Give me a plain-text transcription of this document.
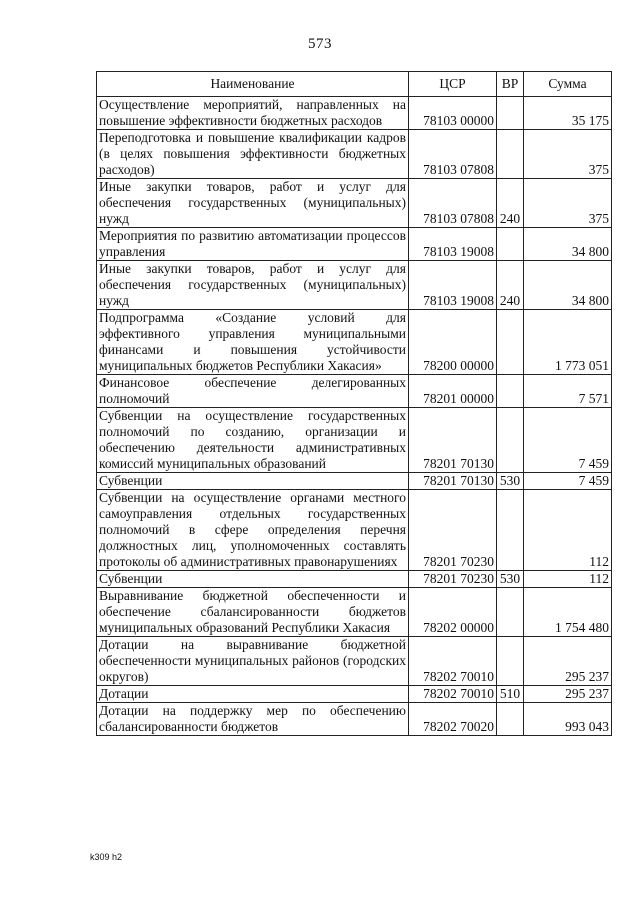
573
Наименование	ЦСР	ВР	Сумма
Осуществление мероприятий, направленных на повышение эффективности бюджетных расходов	78103 00000		35 175
Переподготовка и повышение квалификации кадров (в целях повышения эффективности бюджетных расходов)	78103 07808		375
Иные закупки товаров, работ и услуг для обеспечения государственных (муниципальных) нужд	78103 07808	240	375
Мероприятия по развитию автоматизации процессов управления	78103 19008		34 800
Иные закупки товаров, работ и услуг для обеспечения государственных (муниципальных) нужд	78103 19008	240	34 800
Подпрограмма «Создание условий для эффективного управления муниципальными финансами и повышения устойчивости муниципальных бюджетов Республики Хакасия»	78200 00000		1 773 051
Финансовое обеспечение делегированных полномочий	78201 00000		7 571
Субвенции на осуществление государственных полномочий по созданию, организации и обеспечению деятельности административных комиссий муниципальных образований	78201 70130		7 459
Субвенции	78201 70130	530	7 459
Субвенции на осуществление органами местного самоуправления отдельных государственных полномочий в сфере определения перечня должностных лиц, уполномоченных составлять протоколы об административных правонарушениях	78201 70230		112
Субвенции	78201 70230	530	112
Выравнивание бюджетной обеспеченности и обеспечение сбалансированности бюджетов муниципальных образований Республики Хакасия	78202 00000		1 754 480
Дотации на выравнивание бюджетной обеспеченности муниципальных районов (городских округов)	78202 70010		295 237
Дотации	78202 70010	510	295 237
Дотации на поддержку мер по обеспечению сбалансированности бюджетов	78202 70020		993 043
k309 h2
